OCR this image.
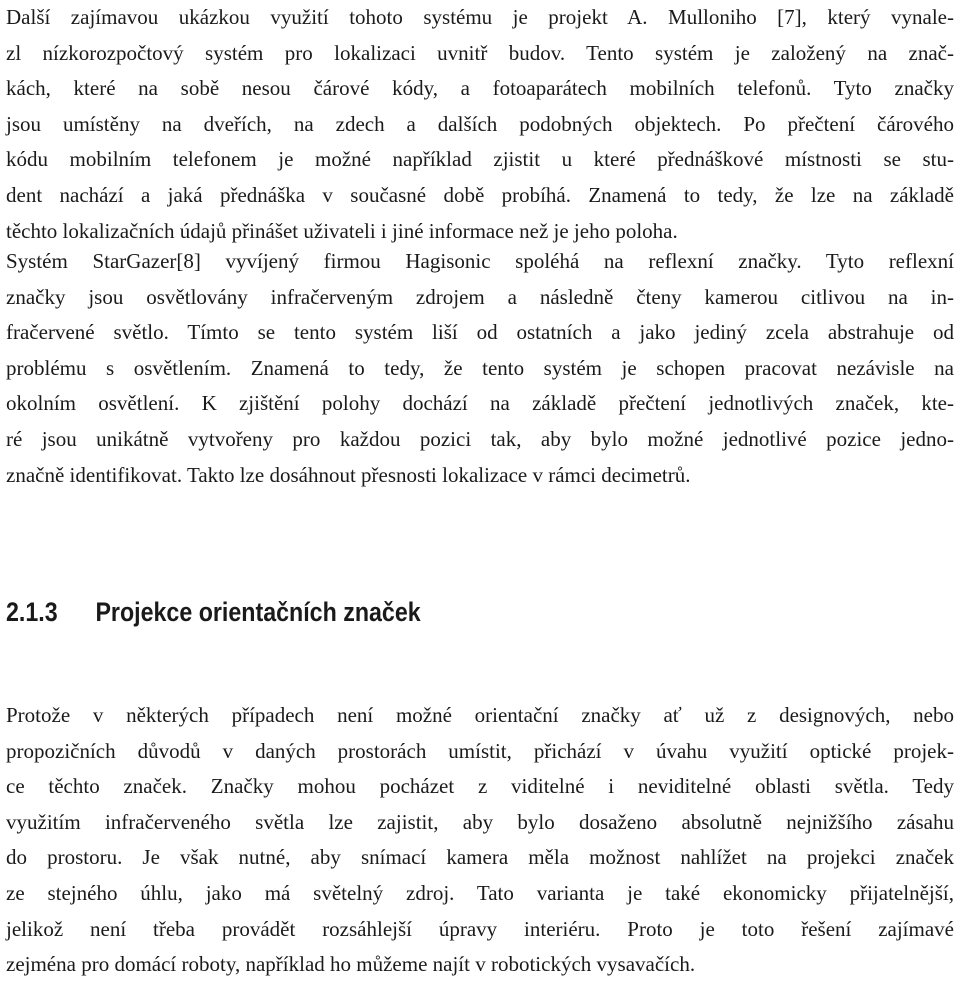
Další zajímavou ukázkou využití tohoto systému je projekt A. Mulloniho [7], který vynale-
zl nízkorozpočtový systém pro lokalizaci uvnitř budov. Tento systém je založený na znač-
kách, které na sobě nesou čárové kódy, a fotoaparátech mobilních telefonů. Tyto značky
jsou umístěny na dveřích, na zdech a dalších podobných objektech. Po přečtení čárového
kódu mobilním telefonem je možné například zjistit u které přednáškové místnosti se stu-
dent nachází a jaká přednáška v současné době probíhá. Znamená to tedy, že lze na základě
těchto lokalizačních údajů přinášet uživateli i jiné informace než je jeho poloha.
Systém StarGazer[8] vyvíjený firmou Hagisonic spoléhá na reflexní značky. Tyto reflexní
značky jsou osvětlovány infračerveným zdrojem a následně čteny kamerou citlivou na in-
fračervené světlo. Tímto se tento systém liší od ostatních a jako jediný zcela abstrahuje od
problému s osvětlením. Znamená to tedy, že tento systém je schopen pracovat nezávisle na
okolním osvětlení. K zjištění polohy dochází na základě přečtení jednotlivých značek, kte-
ré jsou unikátně vytvořeny pro každou pozici tak, aby bylo možné jednotlivé pozice jedno-
značně identifikovat. Takto lze dosáhnout přesnosti lokalizace v rámci decimetrů.
2.1.3 Projekce orientačních značek
Protože v některých případech není možné orientační značky ať už z designových, nebo
propozičních důvodů v daných prostorách umístit, přichází v úvahu využití optické projek-
ce těchto značek. Značky mohou pocházet z viditelné i neviditelné oblasti světla. Tedy
využitím infračerveného světla lze zajistit, aby bylo dosaženo absolutně nejnižšího zásahu
do prostoru. Je však nutné, aby snímací kamera měla možnost nahlížet na projekci značek
ze stejného úhlu, jako má světelný zdroj. Tato varianta je také ekonomicky přijatelnější,
jelikož není třeba provádět rozsáhlejší úpravy interiéru. Proto je toto řešení zajímavé
zejména pro domácí roboty, například ho můžeme najít v robotických vysavačích.
